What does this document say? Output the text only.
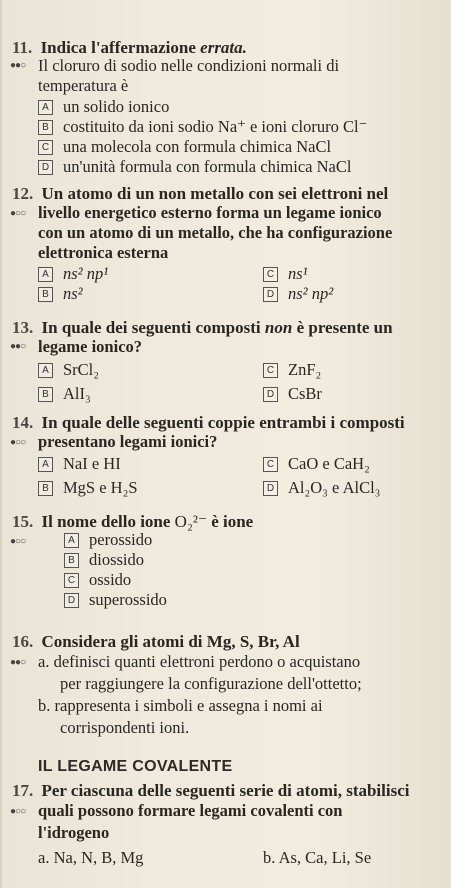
11. Indica l'affermazione errata.
●●○ Il cloruro di sodio nelle condizioni normali di
temperatura è
A un solido ionico
B costituito da ioni sodio Na⁺ e ioni cloruro Cl⁻
C una molecola con formula chimica NaCl
D un'unità formula con formula chimica NaCl
12. Un atomo di un non metallo con sei elettroni nel
●○○ livello energetico esterno forma un legame ionico
con un atomo di un metallo, che ha configurazione
elettronica esterna
A ns² np¹
B ns²
C ns¹
D ns² np²
13. In quale dei seguenti composti non è presente un
●●○ legame ionico?
A SrCl₂
B AlI₃
C ZnF₂
D CsBr
14. In quale delle seguenti coppie entrambi i composti
●○○ presentano legami ionici?
A NaI e HI
B MgS e H₂S
C CaO e CaH₂
D Al₂O₃ e AlCl₃
15. Il nome dello ione O₂²⁻ è ione
●○○	A perossido
B diossido
C ossido
D superossido
16. Considera gli atomi di Mg, S, Br, Al
●●○ a. definisci quanti elettroni perdono o acquistano
per raggiungere la configurazione dell'ottetto;
b. rappresenta i simboli e assegna i nomi ai
corrispondenti ioni.
IL LEGAME COVALENTE
17. Per ciascuna delle seguenti serie di atomi, stabilisci
●○○ quali possono formare legami covalenti con
l'idrogeno
a. Na, N, B, Mg	b. As, Ca, Li, Se
